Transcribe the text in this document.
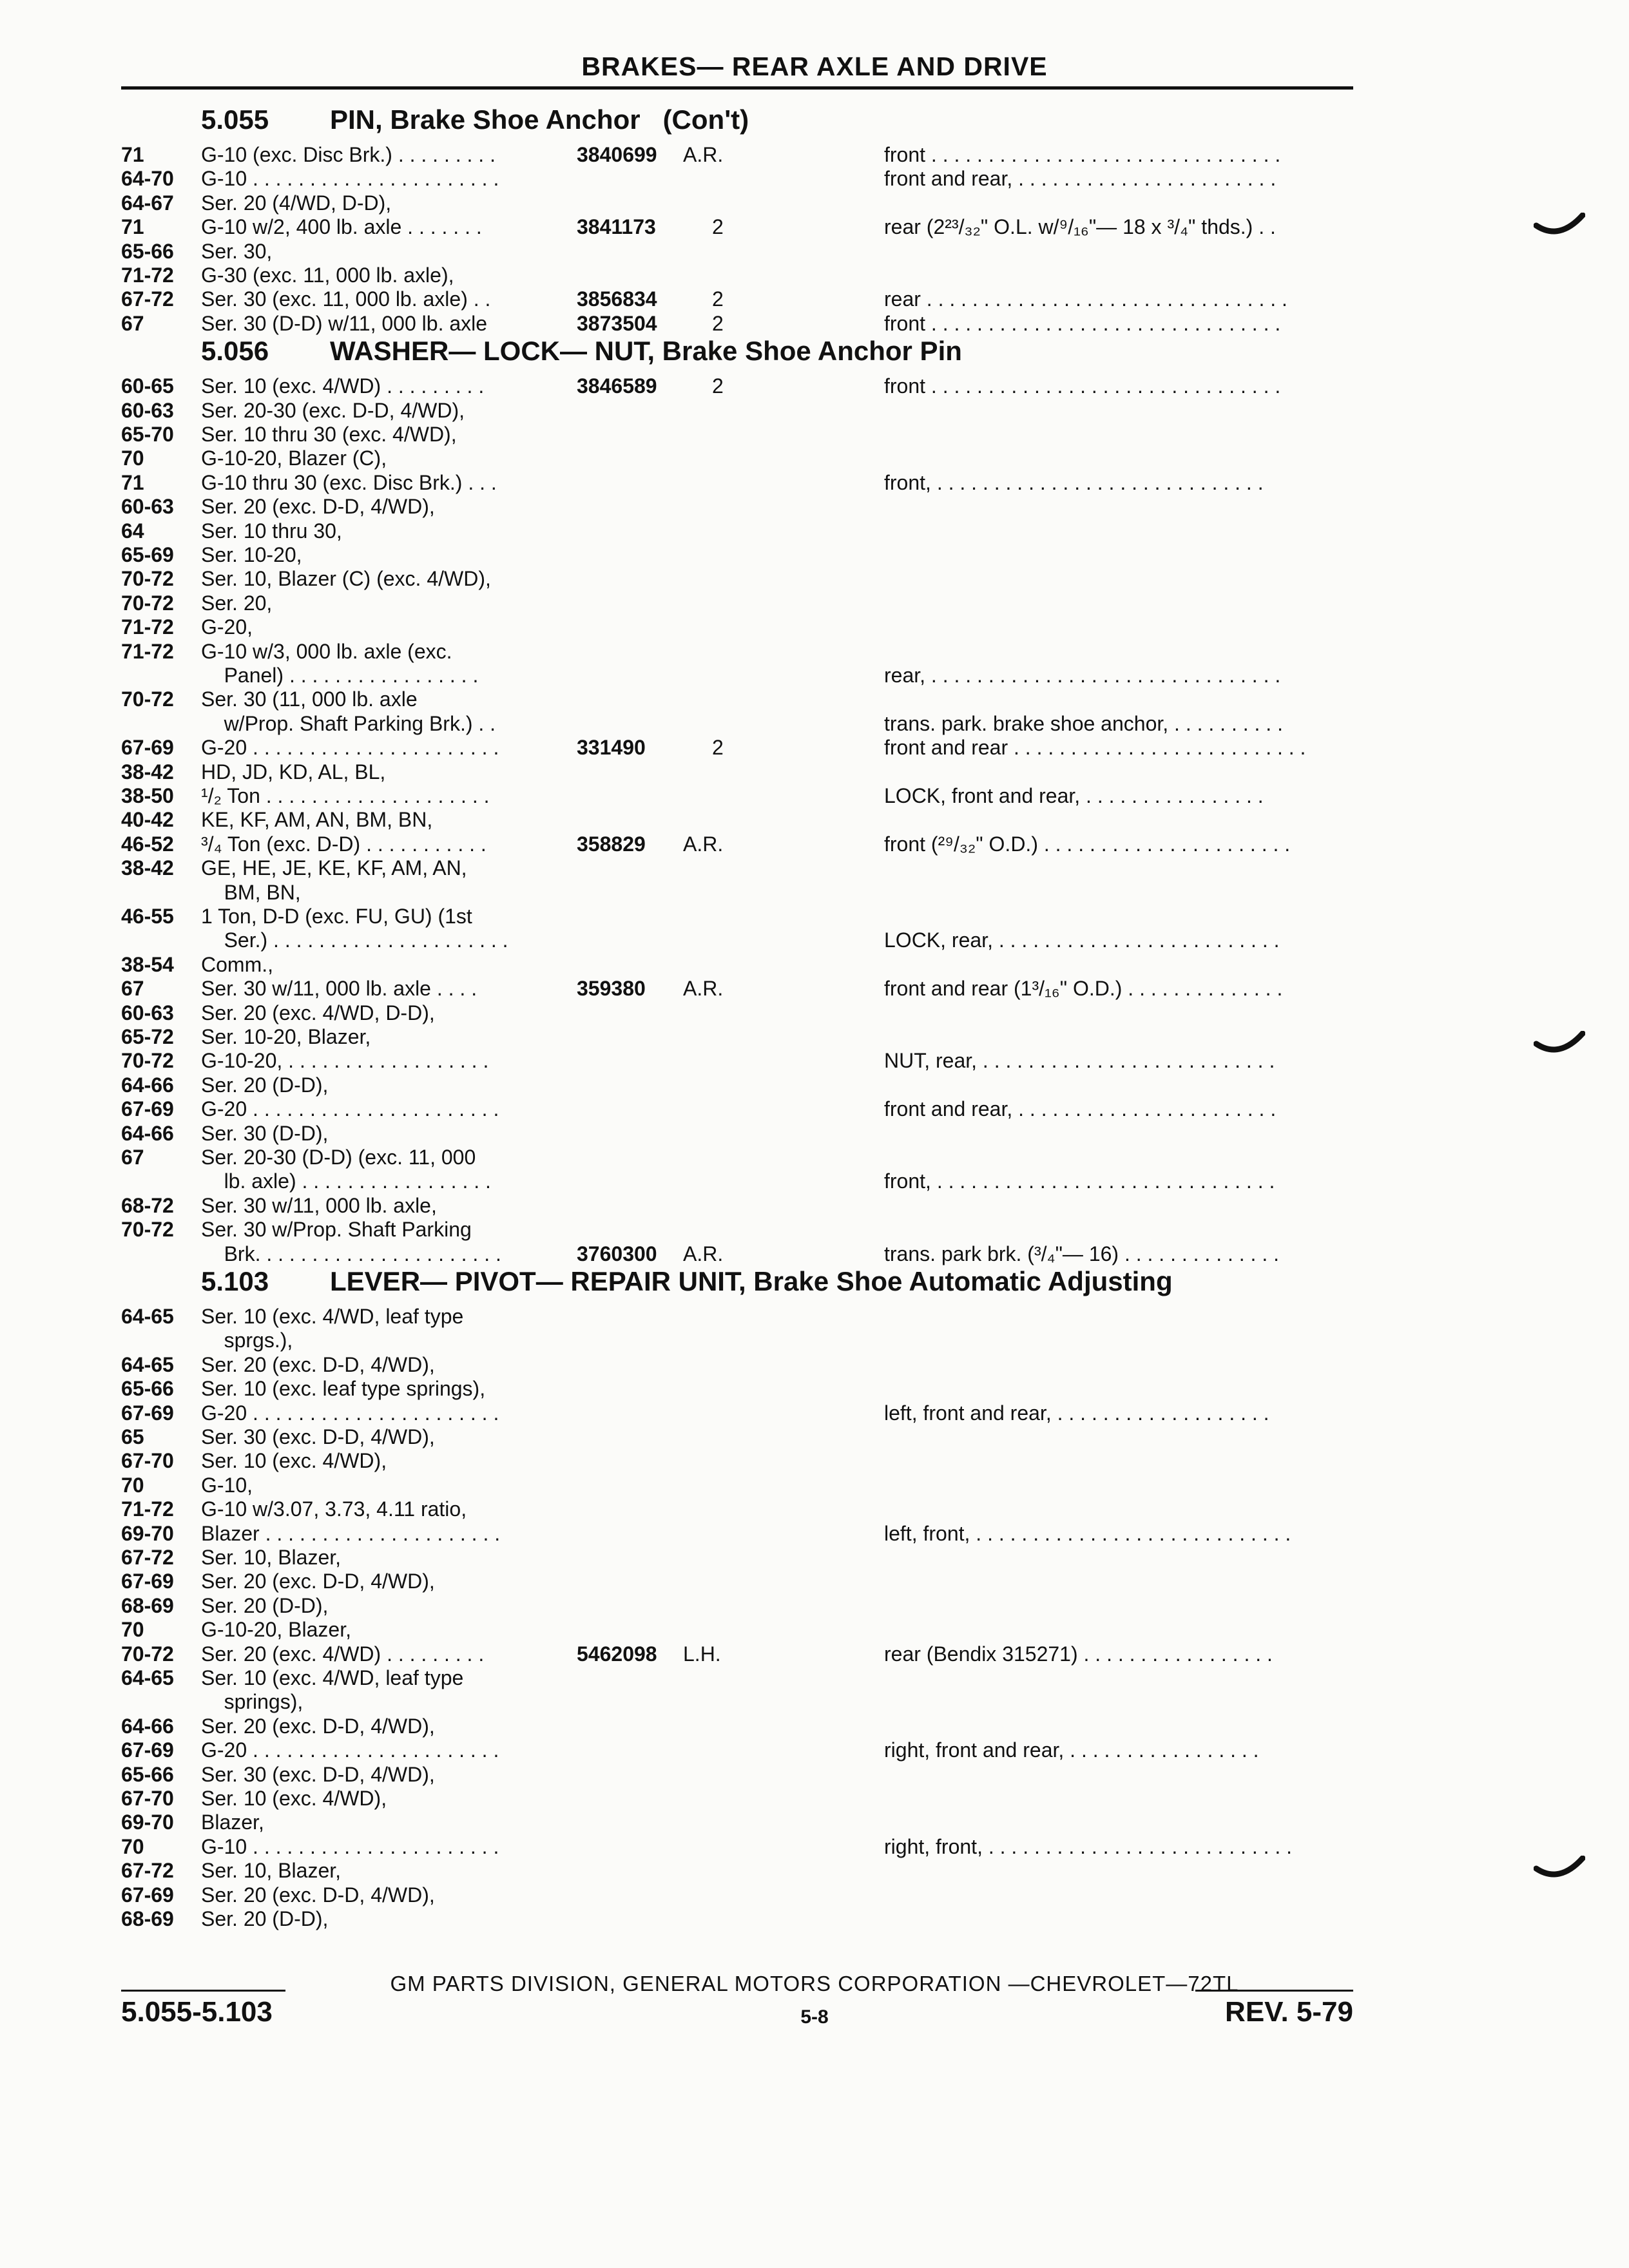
BRAKES— REAR AXLE AND DRIVE
5.055 PIN, Brake Shoe Anchor   (Con't)
71	G-10 (exc. Disc Brk.) . . . . . . . . .	3840699 A.R.	front . . . . . . . . . . . . . . . . . . . . . . . . . . . . . . .
64-70 G-10 . . . . . . . . . . . . . . . . . . . . . .	front and rear, . . . . . . . . . . . . . . . . . . . . . . .
64-67 Ser. 20 (4/WD, D-D),
71	G-10 w/2, 400 lb. axle . . . . . . .	3841173	2	rear (2²³/₃₂" O.L. w/⁹/₁₆"— 18 x ³/₄" thds.) . .
65-66 Ser. 30,
71-72 G-30 (exc. 11, 000 lb. axle),
67-72 Ser. 30 (exc. 11, 000 lb. axle) . .	3856834	2	rear . . . . . . . . . . . . . . . . . . . . . . . . . . . . . . . .
67	Ser. 30 (D-D) w/11, 000 lb. axle	3873504	2	front . . . . . . . . . . . . . . . . . . . . . . . . . . . . . . .
5.056 WASHER— LOCK— NUT, Brake Shoe Anchor Pin
60-65 Ser. 10 (exc. 4/WD) . . . . . . . . .	3846589	2	front . . . . . . . . . . . . . . . . . . . . . . . . . . . . . . .
60-63 Ser. 20-30 (exc. D-D, 4/WD),
65-70 Ser. 10 thru 30 (exc. 4/WD),
70	G-10-20, Blazer (C),
71	G-10 thru 30 (exc. Disc Brk.) . . .	front, . . . . . . . . . . . . . . . . . . . . . . . . . . . . .
60-63 Ser. 20 (exc. D-D, 4/WD),
64	Ser. 10 thru 30,
65-69 Ser. 10-20,
70-72 Ser. 10, Blazer (C) (exc. 4/WD),
70-72 Ser. 20,
71-72 G-20,
71-72 G-10 w/3, 000 lb. axle (exc.
Panel) . . . . . . . . . . . . . . . . .	rear, . . . . . . . . . . . . . . . . . . . . . . . . . . . . . . .
70-72 Ser. 30 (11, 000 lb. axle
w/Prop. Shaft Parking Brk.) . .	trans. park. brake shoe anchor, . . . . . . . . . .
67-69 G-20 . . . . . . . . . . . . . . . . . . . . . .	331490	2	front and rear . . . . . . . . . . . . . . . . . . . . . . . . . .
38-42 HD, JD, KD, AL, BL,
38-50 ¹/₂ Ton . . . . . . . . . . . . . . . . . . . .	LOCK, front and rear, . . . . . . . . . . . . . . . .
40-42 KE, KF, AM, AN, BM, BN,
46-52 ³/₄ Ton (exc. D-D) . . . . . . . . . . .	358829 A.R.	front (²⁹/₃₂" O.D.) . . . . . . . . . . . . . . . . . . . . . .
38-42 GE, HE, JE, KE, KF, AM, AN,
BM, BN,
46-55 1 Ton, D-D (exc. FU, GU) (1st
Ser.) . . . . . . . . . . . . . . . . . . . . .	LOCK, rear, . . . . . . . . . . . . . . . . . . . . . . . . .
38-54 Comm.,
67	Ser. 30 w/11, 000 lb. axle . . . .	359380 A.R.	front and rear (1³/₁₆" O.D.) . . . . . . . . . . . . . .
60-63 Ser. 20 (exc. 4/WD, D-D),
65-72 Ser. 10-20, Blazer,
70-72 G-10-20, . . . . . . . . . . . . . . . . . .	NUT, rear, . . . . . . . . . . . . . . . . . . . . . . . . . .
64-66 Ser. 20 (D-D),
67-69 G-20 . . . . . . . . . . . . . . . . . . . . . .	front and rear, . . . . . . . . . . . . . . . . . . . . . . .
64-66 Ser. 30 (D-D),
67	Ser. 20-30 (D-D) (exc. 11, 000
lb. axle) . . . . . . . . . . . . . . . . .	front, . . . . . . . . . . . . . . . . . . . . . . . . . . . . . .
68-72 Ser. 30 w/11, 000 lb. axle,
70-72 Ser. 30 w/Prop. Shaft Parking
Brk. . . . . . . . . . . . . . . . . . . . . .	3760300 A.R.	trans. park brk. (³/₄"— 16) . . . . . . . . . . . . . .
5.103 LEVER— PIVOT— REPAIR UNIT, Brake Shoe Automatic Adjusting
64-65 Ser. 10 (exc. 4/WD, leaf type
sprgs.),
64-65 Ser. 20 (exc. D-D, 4/WD),
65-66 Ser. 10 (exc. leaf type springs),
67-69 G-20 . . . . . . . . . . . . . . . . . . . . . .	left, front and rear, . . . . . . . . . . . . . . . . . . .
65	Ser. 30 (exc. D-D, 4/WD),
67-70 Ser. 10 (exc. 4/WD),
70	G-10,
71-72 G-10 w/3.07, 3.73, 4.11 ratio,
69-70 Blazer . . . . . . . . . . . . . . . . . . . . .	left, front, . . . . . . . . . . . . . . . . . . . . . . . . . . . .
67-72 Ser. 10, Blazer,
67-69 Ser. 20 (exc. D-D, 4/WD),
68-69 Ser. 20 (D-D),
70	G-10-20, Blazer,
70-72 Ser. 20 (exc. 4/WD) . . . . . . . . .	5462098 L.H.	rear (Bendix 315271) . . . . . . . . . . . . . . . . .
64-65 Ser. 10 (exc. 4/WD, leaf type
springs),
64-66 Ser. 20 (exc. D-D, 4/WD),
67-69 G-20 . . . . . . . . . . . . . . . . . . . . . .	right, front and rear, . . . . . . . . . . . . . . . . .
65-66 Ser. 30 (exc. D-D, 4/WD),
67-70 Ser. 10 (exc. 4/WD),
69-70 Blazer,
70	G-10 . . . . . . . . . . . . . . . . . . . . . .	right, front, . . . . . . . . . . . . . . . . . . . . . . . . . . .
67-72 Ser. 10, Blazer,
67-69 Ser. 20 (exc. D-D, 4/WD),
68-69 Ser. 20 (D-D),
GM PARTS DIVISION, GENERAL MOTORS CORPORATION —CHEVROLET—72TL
5.055-5.103	5-8	REV. 5-79
